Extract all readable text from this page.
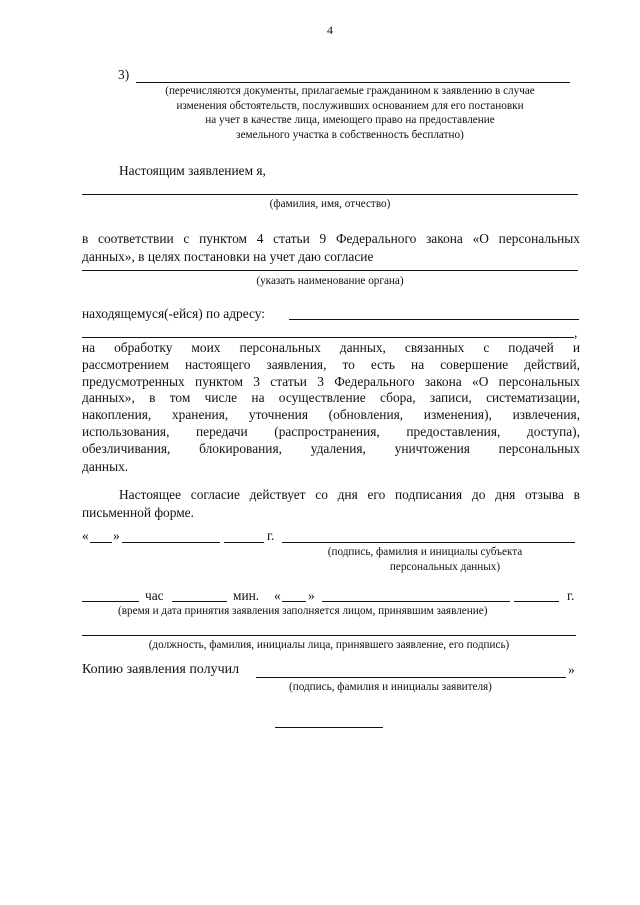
4
3)
(перечисляются документы, прилагаемые гражданином к заявлению в случае
изменения обстоятельств, послуживших основанием для его постановки
на учет в качестве лица, имеющего право на предоставление
земельного участка в собственность бесплатно)
Настоящим заявлением я,
(фамилия, имя, отчество)
в соответствии с пунктом 4 статьи 9 Федерального закона «О персональных
данных», в целях постановки на учет даю согласие
(указать наименование органа)
находящемуся(-ейся) по адресу:
,

на обработку моих персональных данных, связанных с подачей и

рассмотрением настоящего заявления, то есть на совершение действий,

предусмотренных пунктом 3 статьи 3 Федерального закона «О персональных

данных», в том числе на осуществление сбора, записи, систематизации,

накопления, хранения, уточнения (обновления, изменения), извлечения,

использования, передачи (распространения, предоставления, доступа),

обезличивания, блокирования, удаления, уничтожения персональных

данных.

Настоящее согласие действует со дня его подписания до дня отзыва в
письменной форме.
« »	г.
(подпись, фамилия и инициалы субъекта
персональных данных)
час	мин. « »	г.
(время и дата принятия заявления заполняется лицом, принявшим заявление)
(должность, фамилия, инициалы лица, принявшего заявление, его подпись)
Копию заявления получил	»
(подпись, фамилия и инициалы заявителя)
